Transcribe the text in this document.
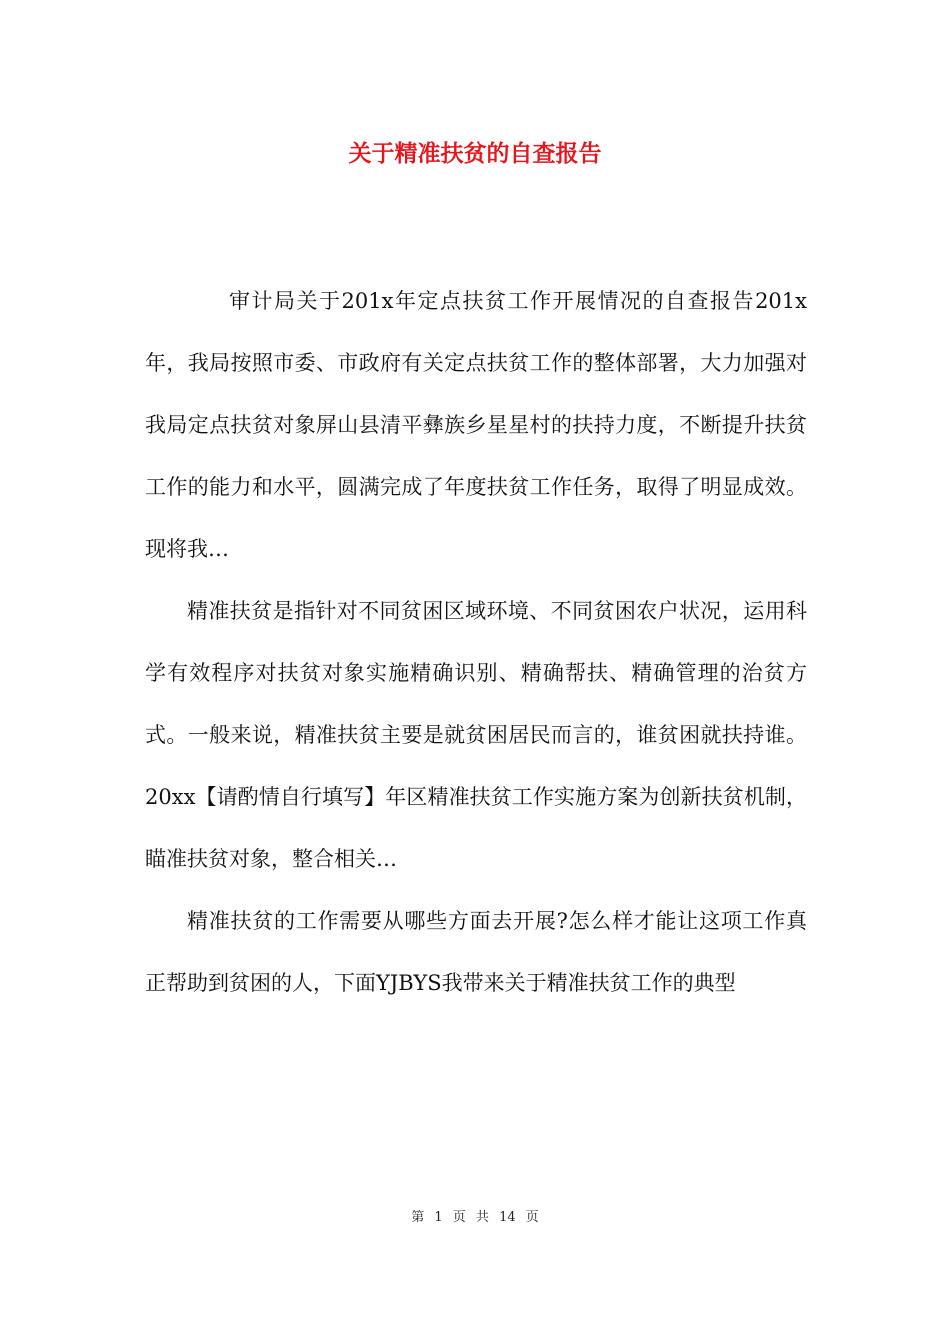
关于精准扶贫的自查报告

审计局关于201x年定点扶贫工作开展情况的自查报告201x年，我局按照市委、市政府有关定点扶贫工作的整体部署，大力加强对我局定点扶贫对象屏山县清平彝族乡星星村的扶持力度，不断提升扶贫工作的能力和水平，圆满完成了年度扶贫工作任务，取得了明显成效。现将我…

精准扶贫是指针对不同贫困区域环境、不同贫困农户状况，运用科学有效程序对扶贫对象实施精确识别、精确帮扶、精确管理的治贫方式。一般来说，精准扶贫主要是就贫困居民而言的，谁贫困就扶持谁。20xx【请酌情自行填写】年区精准扶贫工作实施方案为创新扶贫机制，瞄准扶贫对象，整合相关…

精准扶贫的工作需要从哪些方面去开展?怎么样才能让这项工作真正帮助到贫困的人，下面YJBYS我带来关于精准扶贫工作的典型

第 1 页 共 14 页
